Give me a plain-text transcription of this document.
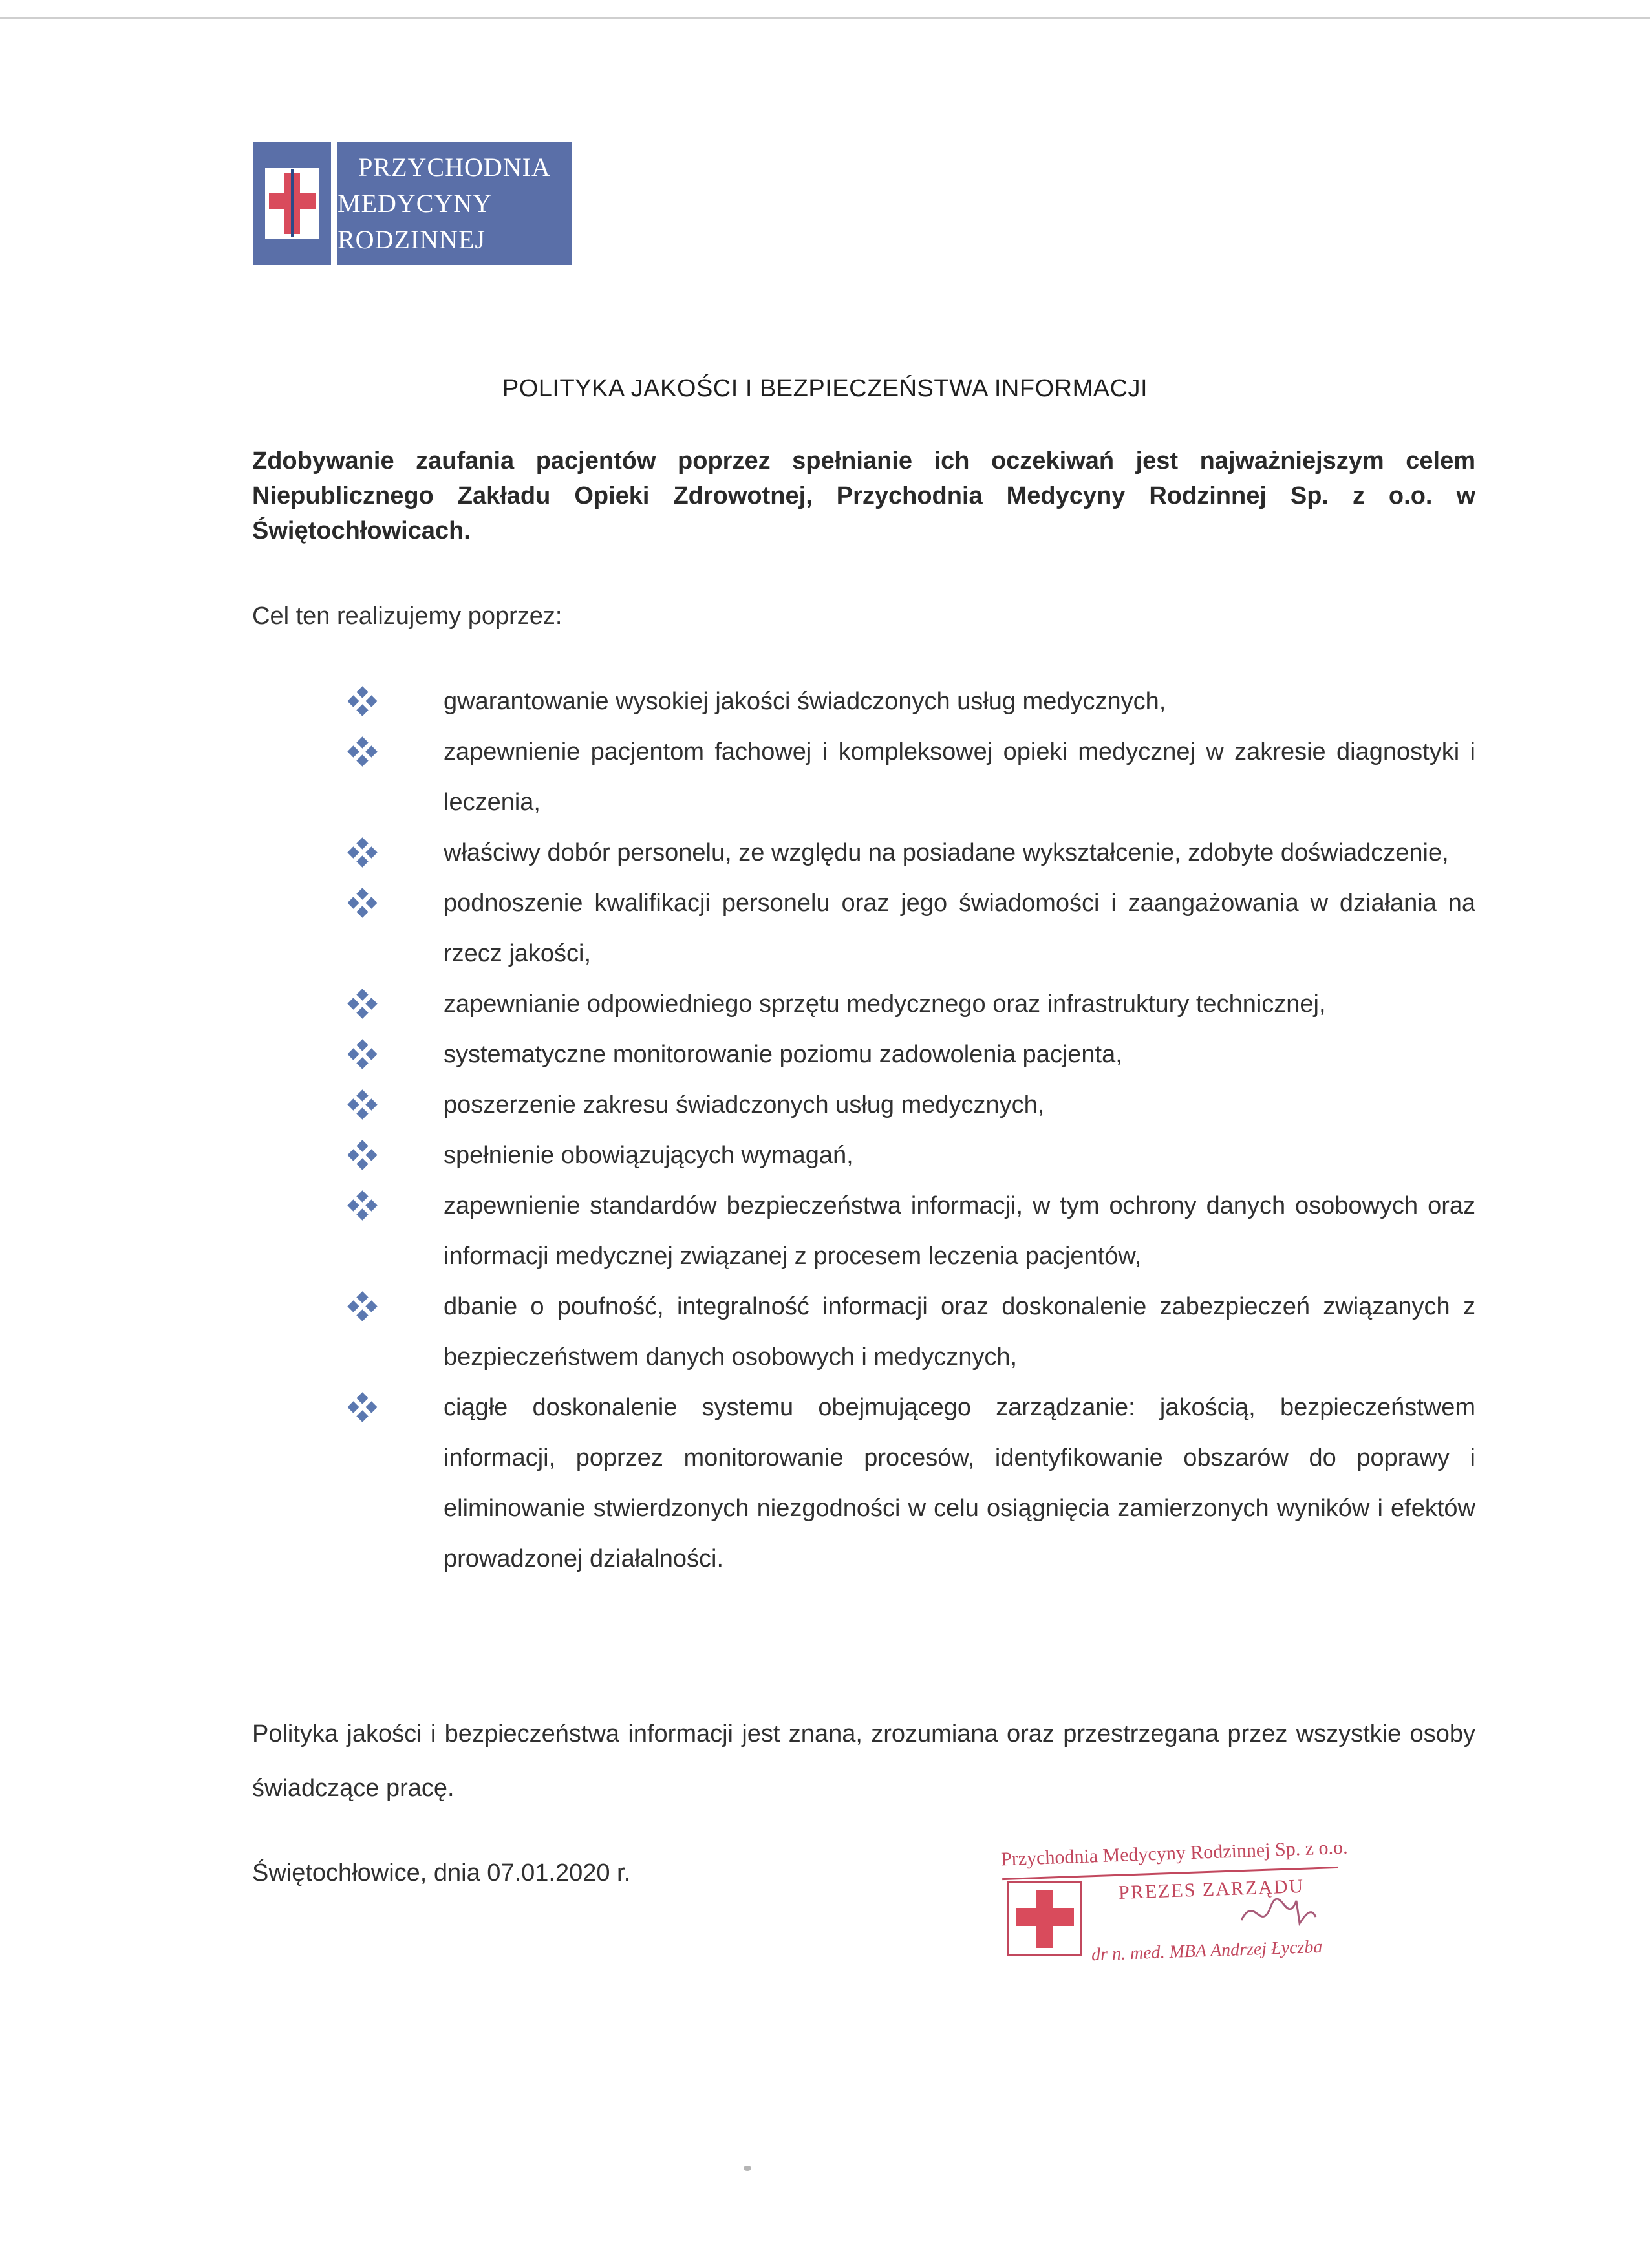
PRZYCHODNIA
MEDYCYNY RODZINNEJ
POLITYKA JAKOŚCI I BEZPIECZEŃSTWA INFORMACJI
Zdobywanie zaufania pacjentów poprzez spełnianie ich oczekiwań jest najważniejszym celem Niepublicznego Zakładu Opieki Zdrowotnej, Przychodnia Medycyny Rodzinnej Sp. z o.o. w Świętochłowicach.
Cel ten realizujemy poprzez:
gwarantowanie wysokiej jakości świadczonych usług medycznych,
zapewnienie pacjentom fachowej i kompleksowej opieki medycznej w zakresie diagnostyki i leczenia,
właściwy dobór personelu, ze względu na posiadane wykształcenie, zdobyte doświadczenie,
podnoszenie kwalifikacji personelu oraz jego świadomości i zaangażowania w działania na rzecz jakości,
zapewnianie odpowiedniego sprzętu medycznego oraz infrastruktury technicznej,
systematyczne monitorowanie poziomu zadowolenia pacjenta,
poszerzenie zakresu świadczonych usług medycznych,
spełnienie obowiązujących wymagań,
zapewnienie standardów bezpieczeństwa informacji, w tym ochrony danych osobowych oraz informacji medycznej związanej z procesem leczenia pacjentów,
dbanie o poufność, integralność informacji oraz doskonalenie zabezpieczeń związanych z bezpieczeństwem danych osobowych i medycznych,
ciągłe doskonalenie systemu obejmującego zarządzanie: jakością, bezpieczeństwem informacji, poprzez monitorowanie procesów, identyfikowanie obszarów do poprawy i eliminowanie stwierdzonych niezgodności w celu osiągnięcia zamierzonych wyników i efektów prowadzonej działalności.
Polityka jakości i bezpieczeństwa informacji jest znana, zrozumiana oraz przestrzegana przez wszystkie osoby świadczące pracę.
Świętochłowice, dnia 07.01.2020 r.
Przychodnia Medycyny Rodzinnej Sp. z o.o.
PREZES ZARZĄDU
dr n. med. MBA Andrzej Łyczba
